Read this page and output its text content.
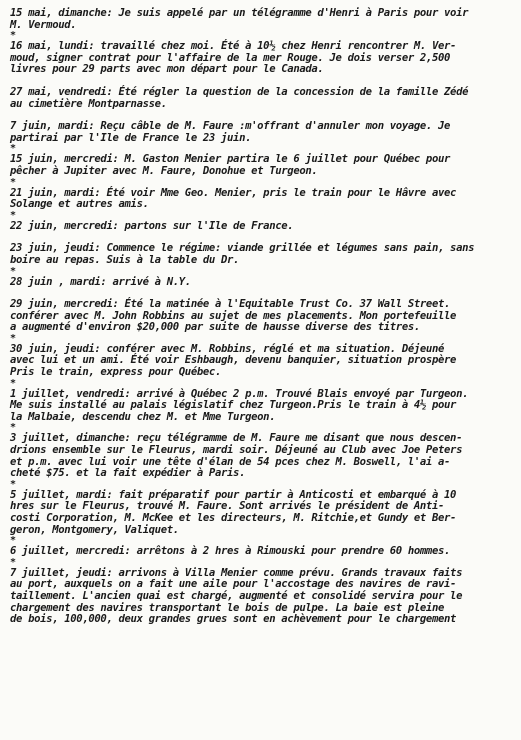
15 mai, dimanche: Je suis appelé par un télégramme d'Henri à Paris pour voir
M. Vermoud.
*
16 mai, lundi: travaillé chez moi. Été à 10½ chez Henri rencontrer M. Ver-
moud, signer contrat pour l'affaire de la mer Rouge. Je dois verser 2,500
livres pour 29 parts avec mon départ pour le Canada.
27 mai, vendredi: Été régler la question de la concession de la famille Zédé
au cimetière Montparnasse.
7 juin, mardi: Reçu câble de M. Faure :m'offrant d'annuler mon voyage. Je
partirai par l'Ile de France le 23 juin.
*
15 juin, mercredi: M. Gaston Menier partira le 6 juillet pour Québec pour
pêcher à Jupiter avec M. Faure, Donohue et Turgeon.
*
21 juin, mardi: Été voir Mme Geo. Menier, pris le train pour le Hâvre avec
Solange et autres amis.
*
22 juin, mercredi: partons sur l'Ile de France.
23 juin, jeudi: Commence le régime: viande grillée et légumes sans pain, sans
boire au repas. Suis à la table du Dr.
*
28 juin , mardi: arrivé à N.Y.
29 juin, mercredi: Été la matinée à l'Equitable Trust Co. 37 Wall Street.
conférer avec M. John Robbins au sujet de mes placements. Mon portefeuille
a augmenté d'environ $20,000 par suite de hausse diverse des titres.
*
30 juin, jeudi: conférer avec M. Robbins, réglé et ma situation. Déjeuné
avec lui et un ami. Été voir Eshbaugh, devenu banquier, situation prospère
Pris le train, express pour Québec.
*
1 juillet, vendredi: arrivé à Québec 2 p.m. Trouvé Blais envoyé par Turgeon.
Me suis installé au palais législatif chez Turgeon.Pris le train à 4½ pour
la Malbaie, descendu chez M. et Mme Turgeon.
*
3 juillet, dimanche: reçu télégramme de M. Faure me disant que nous descen-
drions ensemble sur le Fleurus, mardi soir. Déjeuné au Club avec Joe Peters
et p.m. avec lui voir une tête d'élan de 54 pces chez M. Boswell, l'ai a-
cheté $75. et la fait expédier à Paris.
*
5 juillet, mardi: fait préparatif pour partir à Anticosti et embarqué à 10
hres sur le Fleurus, trouvé M. Faure. Sont arrivés le président de Anti-
costi Corporation, M. McKee et les directeurs, M. Ritchie,et Gundy et Ber-
geron, Montgomery, Valiquet.
*
6 juillet, mercredi: arrêtons à 2 hres à Rimouski pour prendre 60 hommes.
*
7 juillet, jeudi: arrivons à Villa Menier comme prévu. Grands travaux faits
au port, auxquels on a fait une aile pour l'accostage des navires de ravi-
taillement. L'ancien quai est chargé, augmenté et consolidé servira pour le
chargement des navires transportant le bois de pulpe. La baie est pleine
de bois, 100,000, deux grandes grues sont en achèvement pour le chargement
